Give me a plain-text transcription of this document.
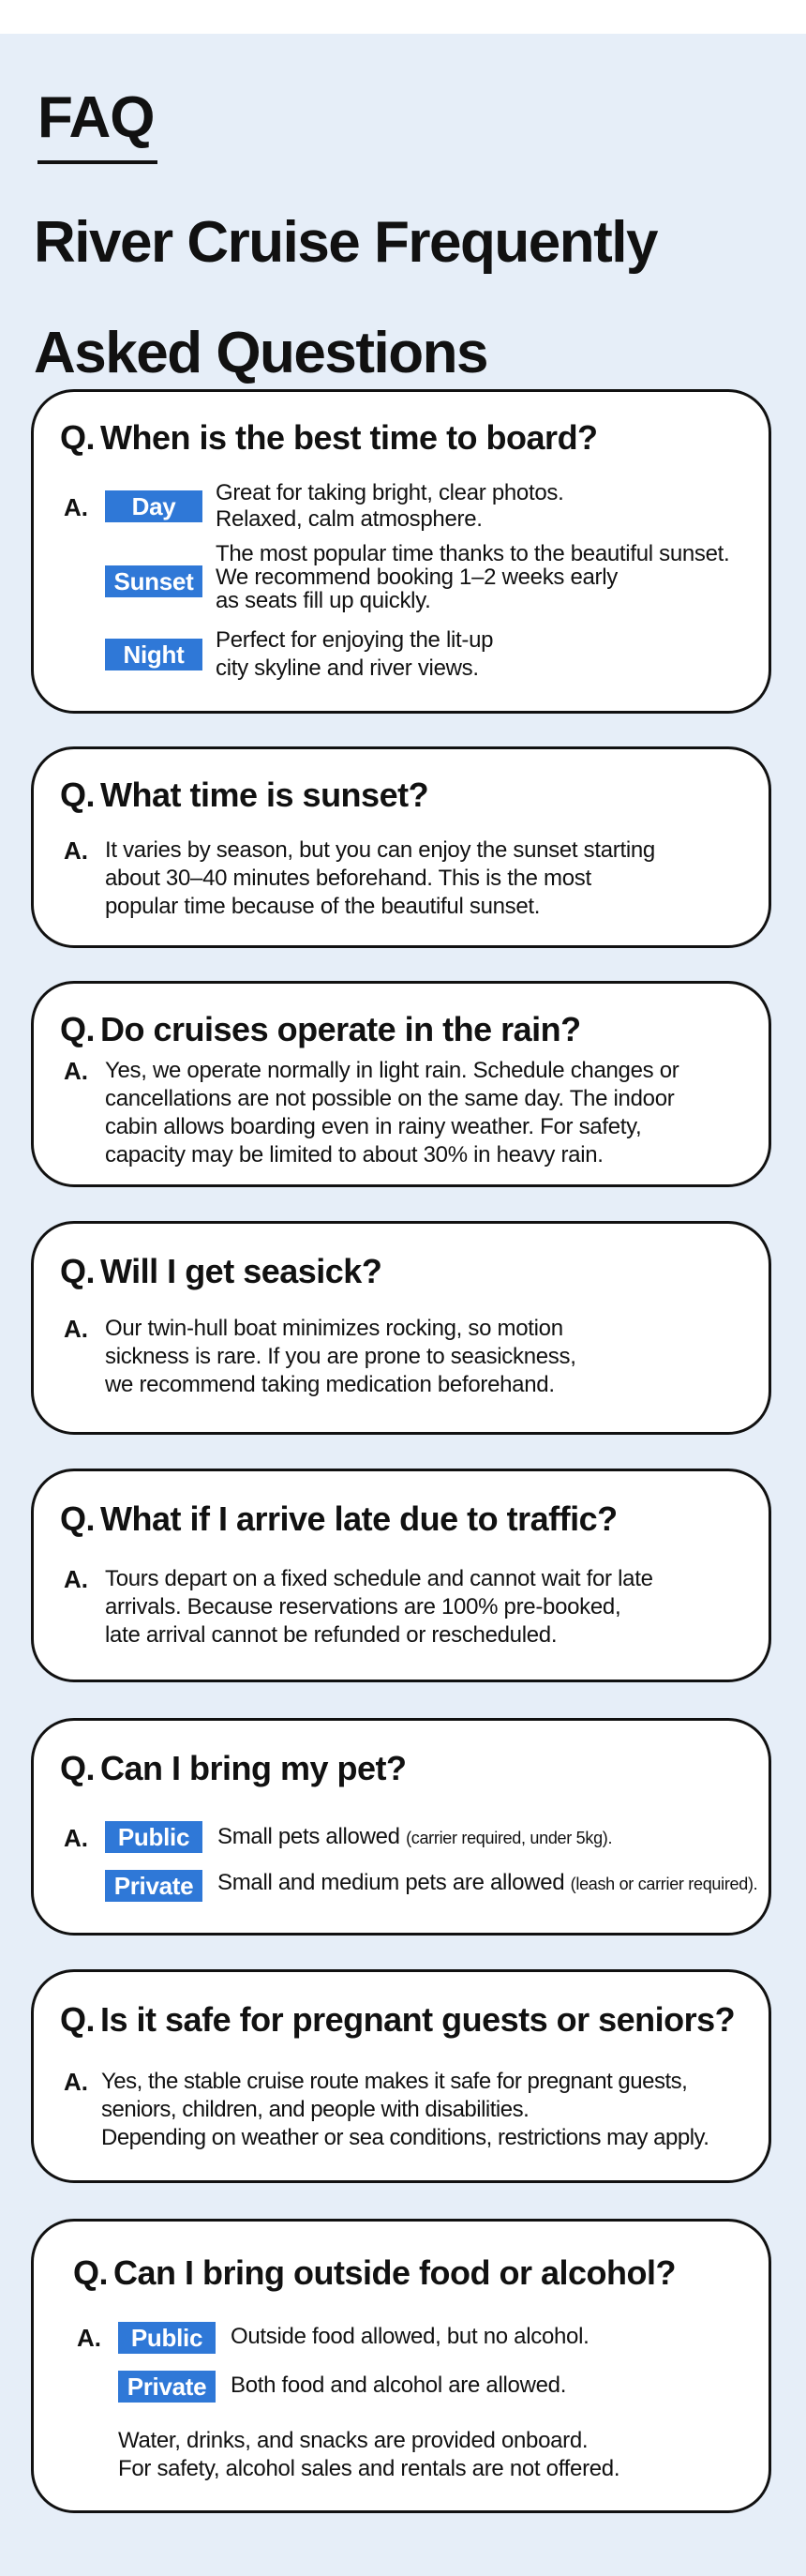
FAQ
River Cruise Frequently Asked Questions
Q. When is the best time to board?
A.	Day	Great for taking bright, clear photos.
Relaxed, calm atmosphere.
Sunset
The most popular time thanks to the beautiful sunset.
We recommend booking 1–2 weeks early
as seats fill up quickly.
Night
Perfect for enjoying the lit-up
city skyline and river views.
Q. What time is sunset?
A. It varies by season, but you can enjoy the sunset starting
about 30–40 minutes beforehand. This is the most
popular time because of the beautiful sunset.
Q. Do cruises operate in the rain?
A. Yes, we operate normally in light rain. Schedule changes or
cancellations are not possible on the same day. The indoor
cabin allows boarding even in rainy weather. For safety,
capacity may be limited to about 30% in heavy rain.
Q. Will I get seasick?
A. Our twin-hull boat minimizes rocking, so motion
sickness is rare. If you are prone to seasickness,
we recommend taking medication beforehand.
Q. What if I arrive late due to traffic?
A. Tours depart on a fixed schedule and cannot wait for late
arrivals. Because reservations are 100% pre-booked,
late arrival cannot be refunded or rescheduled.
Q. Can I bring my pet?
A.	Public	Small pets allowed (carrier required, under 5kg).
Private	Small and medium pets are allowed (leash or carrier required).
Q. Is it safe for pregnant guests or seniors?
A. Yes, the stable cruise route makes it safe for pregnant guests,
seniors, children, and people with disabilities.
Depending on weather or sea conditions, restrictions may apply.
Q. Can I bring outside food or alcohol?
A.	Public	Outside food allowed, but no alcohol.
Private	Both food and alcohol are allowed.
Water, drinks, and snacks are provided onboard.
For safety, alcohol sales and rentals are not offered.
